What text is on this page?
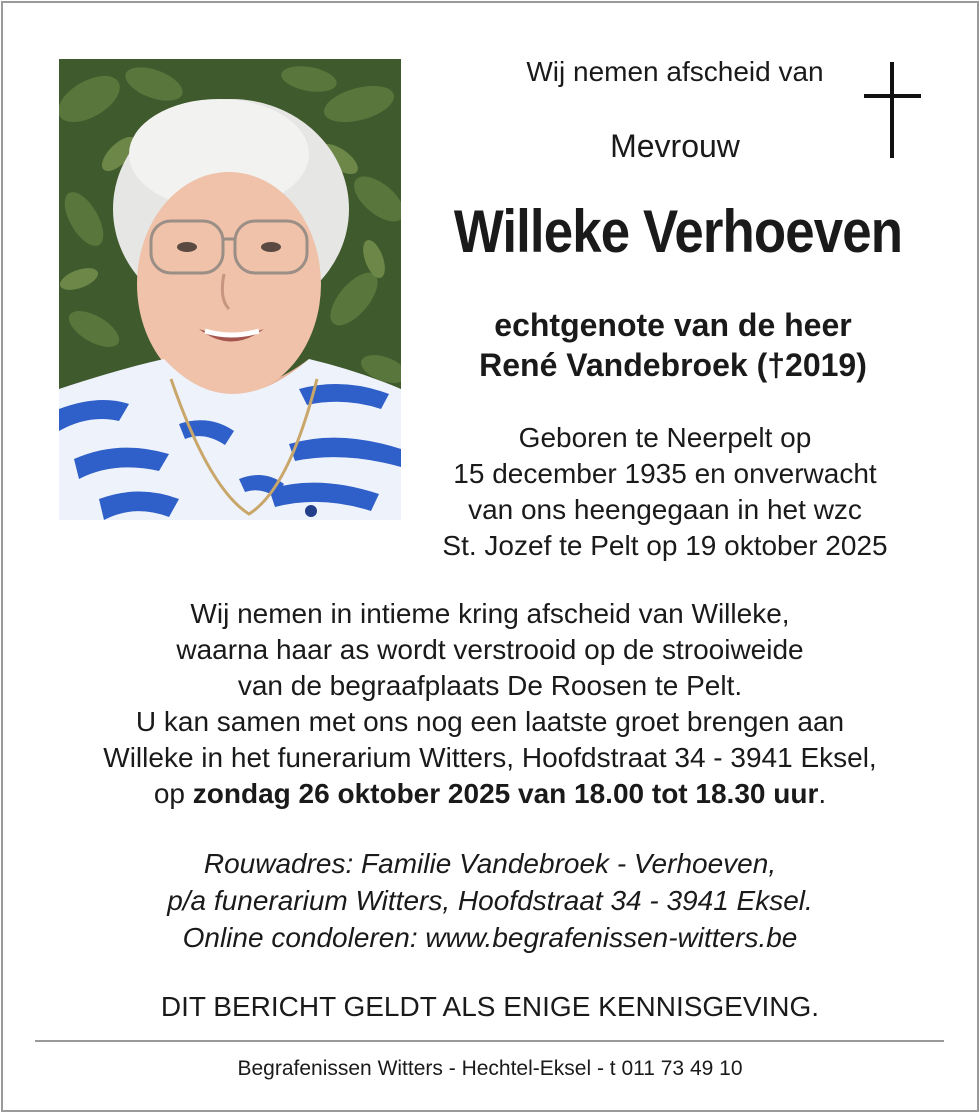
Wij nemen afscheid van
Mevrouw
Willeke Verhoeven
echtgenote van de heer
René Vandebroek (†2019)
Geboren te Neerpelt op
15 december 1935 en onverwacht
van ons heengegaan in het wzc
St. Jozef te Pelt op 19 oktober 2025
Wij nemen in intieme kring afscheid van Willeke,
waarna haar as wordt verstrooid op de strooiweide
van de begraafplaats De Roosen te Pelt.
U kan samen met ons nog een laatste groet brengen aan
Willeke in het funerarium Witters, Hoofdstraat 34 - 3941 Eksel,
op zondag 26 oktober 2025 van 18.00 tot 18.30 uur.
Rouwadres: Familie Vandebroek - Verhoeven,
p/a funerarium Witters, Hoofdstraat 34 - 3941 Eksel.
Online condoleren: www.begrafenissen-witters.be
DIT BERICHT GELDT ALS ENIGE KENNISGEVING.
Begrafenissen Witters - Hechtel-Eksel - t 011 73 49 10
